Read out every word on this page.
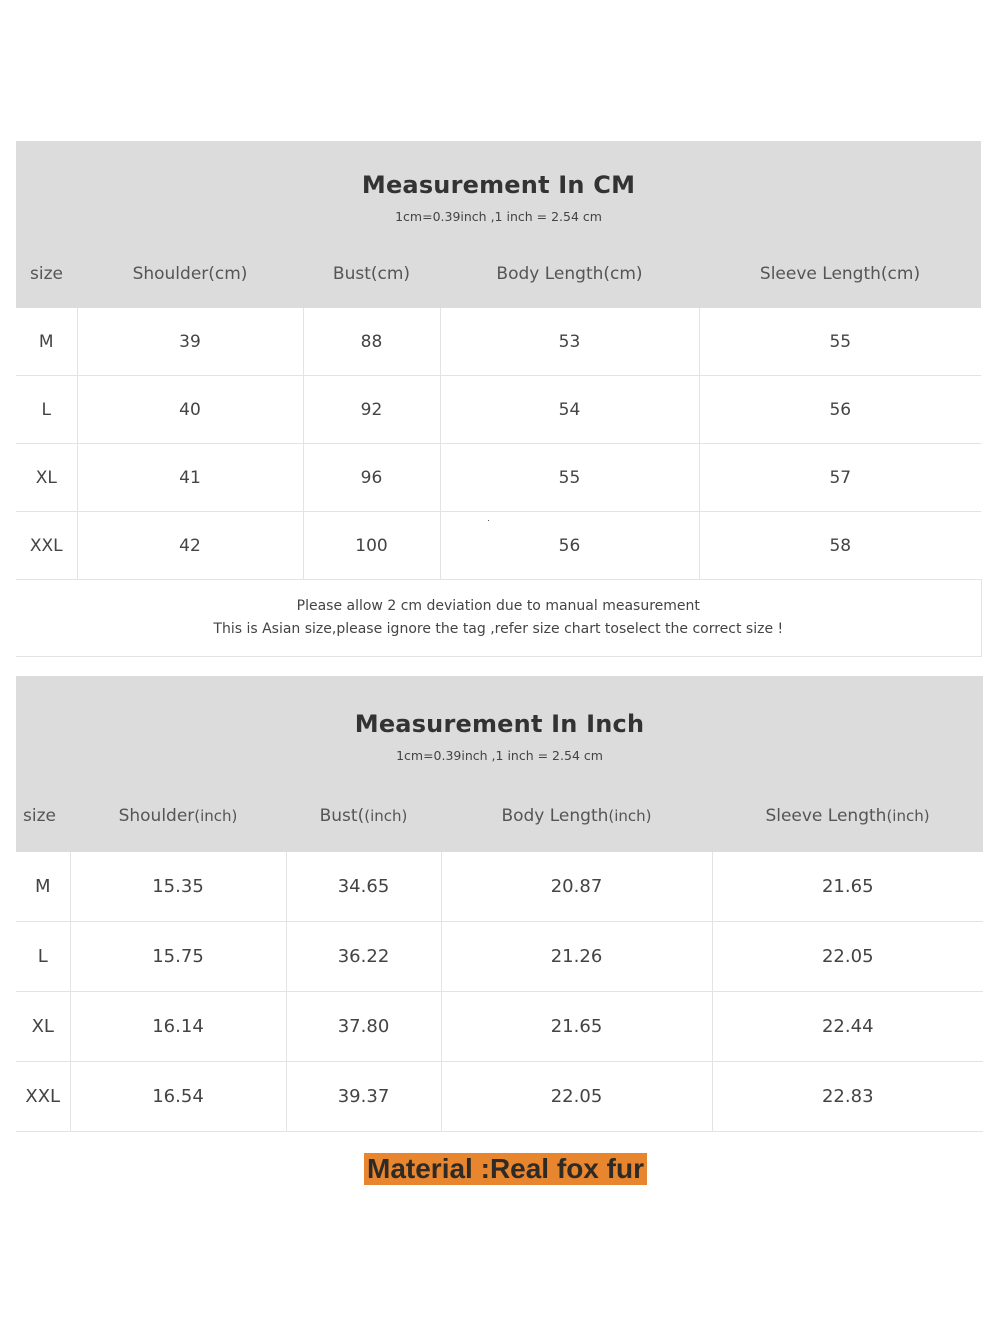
Measurement In CM
1cm=0.39inch ,1 inch = 2.54 cm				

size	Shoulder(cm)	Bust(cm)	Body Length(cm)	Sleeve Length(cm)
M	39	88	53	55
L	40	92	54	56
XL	41	96	55	57
XXL	42	100	56	58

Please allow 2 cm deviation due to manual measurement
This is Asian size,please ignore the tag ,refer size chart toselect the correct size !				
Measurement In Inch
1cm=0.39inch ,1 inch = 2.54 cm				

size	Shoulder(inch)	Bust((inch)	Body Length(inch)	Sleeve Length(inch)
M	15.35	34.65	20.87	21.65
L	15.75	36.22	21.26	22.05
XL	16.14	37.80	21.65	22.44
XXL	16.54	39.37	22.05	22.83
Material :Real fox fur
